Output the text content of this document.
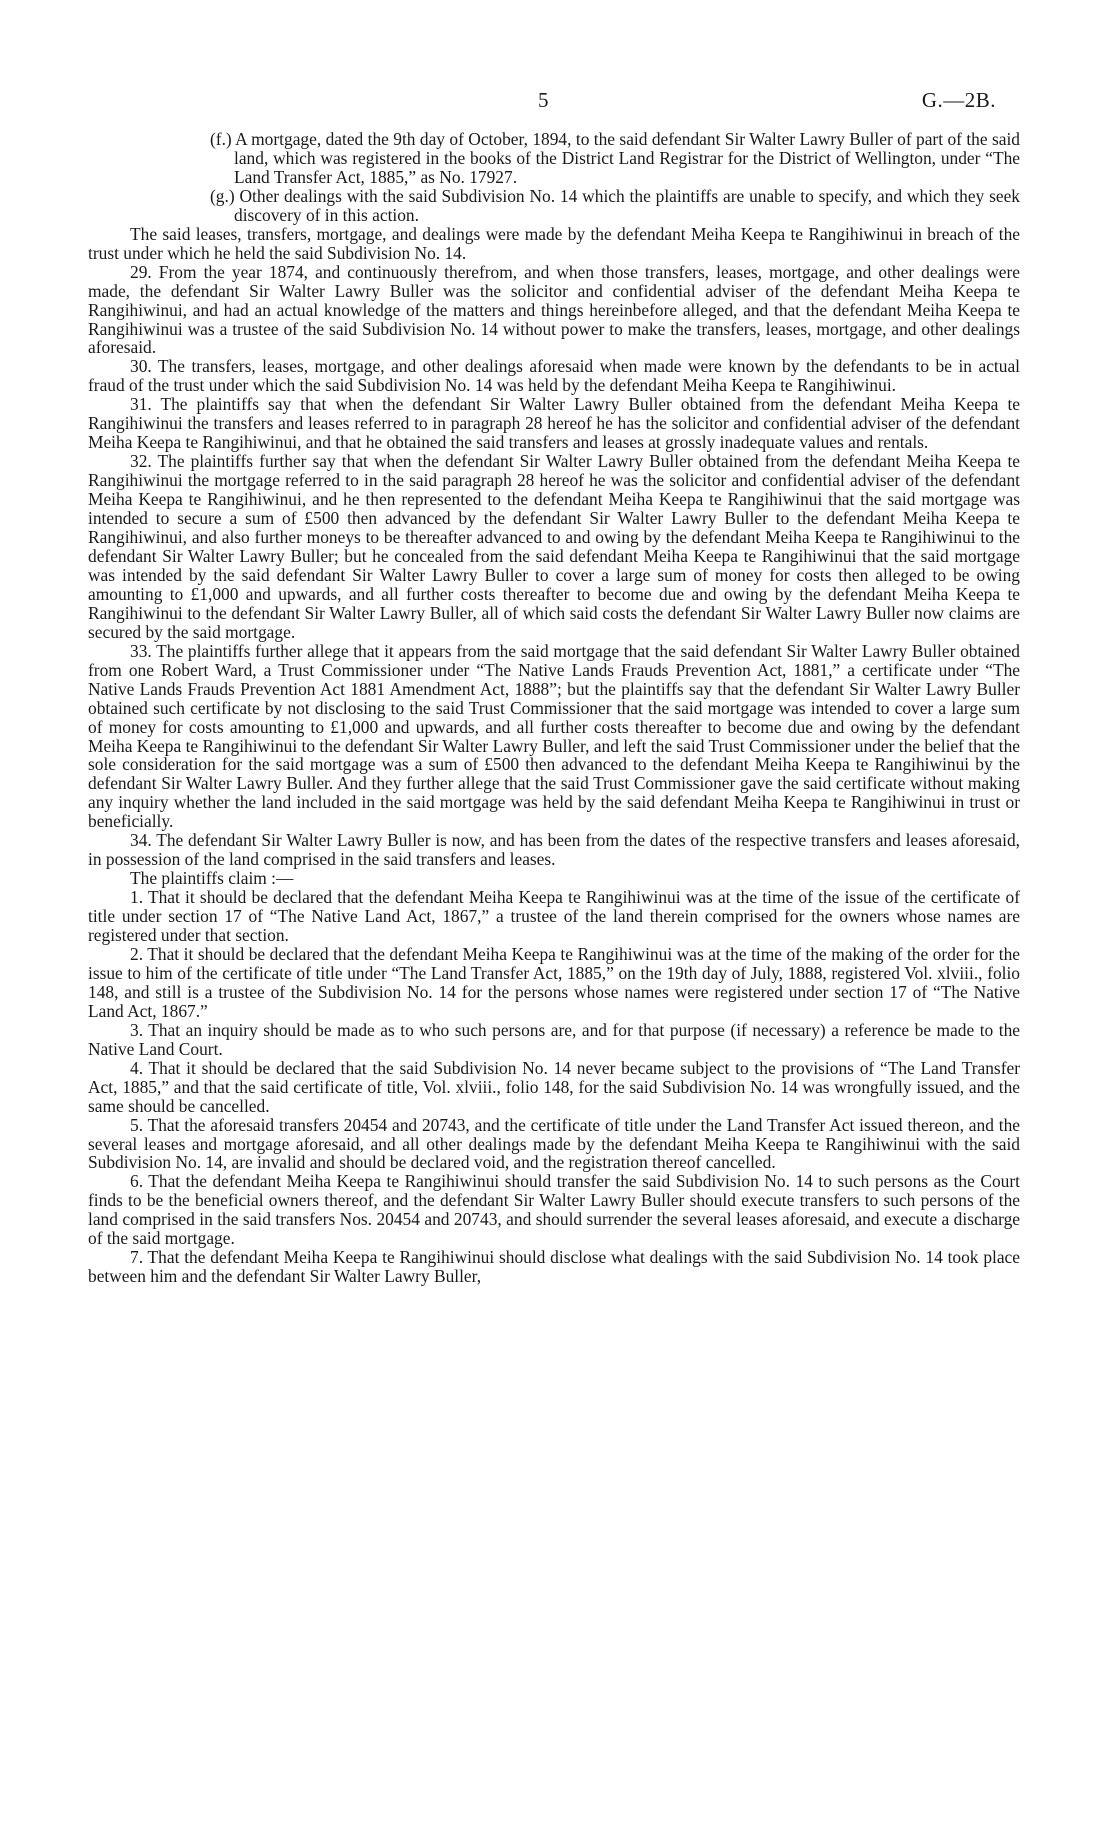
5	G.—2B.

(f.) A mortgage, dated the 9th day of October, 1894, to the said defendant Sir Walter Lawry Buller of part of the said land, which was registered in the books of the District Land Registrar for the District of Wellington, under “The Land Transfer Act, 1885,” as No. 17927.

(g.) Other dealings with the said Subdivision No. 14 which the plaintiffs are unable to specify, and which they seek discovery of in this action.

The said leases, transfers, mortgage, and dealings were made by the defendant Meiha Keepa te Rangihiwinui in breach of the trust under which he held the said Subdivision No. 14.

29. From the year 1874, and continuously therefrom, and when those transfers, leases, mortgage, and other dealings were made, the defendant Sir Walter Lawry Buller was the solicitor and confidential adviser of the defendant Meiha Keepa te Rangihiwinui, and had an actual knowledge of the matters and things hereinbefore alleged, and that the defendant Meiha Keepa te Rangihiwinui was a trustee of the said Subdivision No. 14 without power to make the transfers, leases, mortgage, and other dealings aforesaid.

30. The transfers, leases, mortgage, and other dealings aforesaid when made were known by the defendants to be in actual fraud of the trust under which the said Subdivision No. 14 was held by the defendant Meiha Keepa te Rangihiwinui.

31. The plaintiffs say that when the defendant Sir Walter Lawry Buller obtained from the defendant Meiha Keepa te Rangihiwinui the transfers and leases referred to in paragraph 28 hereof he has the solicitor and confidential adviser of the defendant Meiha Keepa te Rangihiwinui, and that he obtained the said transfers and leases at grossly inadequate values and rentals.

32. The plaintiffs further say that when the defendant Sir Walter Lawry Buller obtained from the defendant Meiha Keepa te Rangihiwinui the mortgage referred to in the said paragraph 28 hereof he was the solicitor and confidential adviser of the defendant Meiha Keepa te Rangihiwinui, and he then represented to the defendant Meiha Keepa te Rangihiwinui that the said mortgage was intended to secure a sum of £500 then advanced by the defendant Sir Walter Lawry Buller to the defendant Meiha Keepa te Rangihiwinui, and also further moneys to be thereafter advanced to and owing by the defendant Meiha Keepa te Rangihiwinui to the defendant Sir Walter Lawry Buller; but he concealed from the said defendant Meiha Keepa te Rangihiwinui that the said mortgage was intended by the said defendant Sir Walter Lawry Buller to cover a large sum of money for costs then alleged to be owing amounting to £1,000 and upwards, and all further costs thereafter to become due and owing by the defendant Meiha Keepa te Rangihiwinui to the defendant Sir Walter Lawry Buller, all of which said costs the defendant Sir Walter Lawry Buller now claims are secured by the said mortgage.

33. The plaintiffs further allege that it appears from the said mortgage that the said defendant Sir Walter Lawry Buller obtained from one Robert Ward, a Trust Commissioner under “The Native Lands Frauds Prevention Act, 1881,” a certificate under “The Native Lands Frauds Prevention Act 1881 Amendment Act, 1888”; but the plaintiffs say that the defendant Sir Walter Lawry Buller obtained such certificate by not disclosing to the said Trust Commissioner that the said mortgage was intended to cover a large sum of money for costs amounting to £1,000 and upwards, and all further costs thereafter to become due and owing by the defendant Meiha Keepa te Rangihiwinui to the defendant Sir Walter Lawry Buller, and left the said Trust Commissioner under the belief that the sole consideration for the said mortgage was a sum of £500 then advanced to the defendant Meiha Keepa te Rangihiwinui by the defendant Sir Walter Lawry Buller. And they further allege that the said Trust Commissioner gave the said certificate without making any inquiry whether the land included in the said mortgage was held by the said defendant Meiha Keepa te Rangihiwinui in trust or beneficially.

34. The defendant Sir Walter Lawry Buller is now, and has been from the dates of the respective transfers and leases aforesaid, in possession of the land comprised in the said transfers and leases.

The plaintiffs claim :—

1. That it should be declared that the defendant Meiha Keepa te Rangihiwinui was at the time of the issue of the certificate of title under section 17 of “The Native Land Act, 1867,” a trustee of the land therein comprised for the owners whose names are registered under that section.

2. That it should be declared that the defendant Meiha Keepa te Rangihiwinui was at the time of the making of the order for the issue to him of the certificate of title under “The Land Transfer Act, 1885,” on the 19th day of July, 1888, registered Vol. xlviii., folio 148, and still is a trustee of the Subdivision No. 14 for the persons whose names were registered under section 17 of “The Native Land Act, 1867.”

3. That an inquiry should be made as to who such persons are, and for that purpose (if necessary) a reference be made to the Native Land Court.

4. That it should be declared that the said Subdivision No. 14 never became subject to the provisions of “The Land Transfer Act, 1885,” and that the said certificate of title, Vol. xlviii., folio 148, for the said Subdivision No. 14 was wrongfully issued, and the same should be cancelled.

5. That the aforesaid transfers 20454 and 20743, and the certificate of title under the Land Transfer Act issued thereon, and the several leases and mortgage aforesaid, and all other dealings made by the defendant Meiha Keepa te Rangihiwinui with the said Subdivision No. 14, are invalid and should be declared void, and the registration thereof cancelled.

6. That the defendant Meiha Keepa te Rangihiwinui should transfer the said Subdivision No. 14 to such persons as the Court finds to be the beneficial owners thereof, and the defendant Sir Walter Lawry Buller should execute transfers to such persons of the land comprised in the said transfers Nos. 20454 and 20743, and should surrender the several leases aforesaid, and execute a discharge of the said mortgage.

7. That the defendant Meiha Keepa te Rangihiwinui should disclose what dealings with the said Subdivision No. 14 took place between him and the defendant Sir Walter Lawry Buller,
